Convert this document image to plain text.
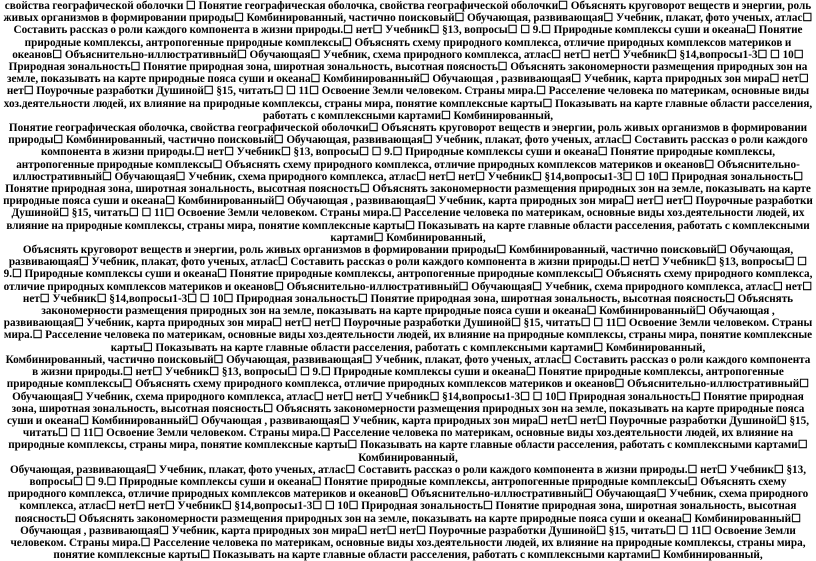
свойства географической оболочки ☐ Понятие географическая оболочка, свойства географической оболочки☐ Объяснять круговорот веществ и энергии, роль живых организмов в формировании природы☐ Комбинированный, частично поисковый☐ Обучающая, развивающая☐ Учебник, плакат, фото ученых, атлас☐ Составить рассказ о роли каждого компонента в жизни природы.☐ нет☐ Учебник☐ §13, вопросы☐ ☐ 9.☐ Природные комплексы суши и океана☐ Понятие природные комплексы, антропогенные природные комплексы☐ Объяснять схему природного комплекса, отличие природных комплексов материков и океанов☐ Объяснительно-иллюстративный☐ Обучающая☐ Учебник, схема природного комплекса, атлас☐ нет☐ нет☐ Учебник☐ §14,вопросы1-3☐ ☐ 10☐ Природная зональность☐ Понятие природная зона, широтная зональность, высотная поясность☐ Объяснять закономерности размещения природных зон на земле, показывать на карте природные пояса суши и океана☐ Комбинированный☐ Обучающая , развивающая☐ Учебник, карта природных зон мира☐ нет☐ нет☐ Поурочные разработки Душиной☐ §15, читать☐ ☐ 11☐ Освоение Земли человеком. Страны мира.☐ Расселение человека по материкам, основные виды хоз.деятельности людей, их влияние на природные комплексы, страны мира, понятие комплексные карты☐ Показывать на карте главные области расселения, работать с комплексными картами☐ Комбинированный,

Понятие географическая оболочка, свойства географической оболочки☐ Объяснять круговорот веществ и энергии, роль живых организмов в формировании природы☐ Комбинированный, частично поисковый☐ Обучающая, развивающая☐ Учебник, плакат, фото ученых, атлас☐ Составить рассказ о роли каждого компонента в жизни природы.☐ нет☐ Учебник☐ §13, вопросы☐ ☐ 9.☐ Природные комплексы суши и океана☐ Понятие природные комплексы, антропогенные природные комплексы☐ Объяснять схему природного комплекса, отличие природных комплексов материков и океанов☐ Объяснительно-иллюстративный☐ Обучающая☐ Учебник, схема природного комплекса, атлас☐ нет☐ нет☐ Учебник☐ §14,вопросы1-3☐ ☐ 10☐ Природная зональность☐ Понятие природная зона, широтная зональность, высотная поясность☐ Объяснять закономерности размещения природных зон на земле, показывать на карте природные пояса суши и океана☐ Комбинированный☐ Обучающая , развивающая☐ Учебник, карта природных зон мира☐ нет☐ нет☐ Поурочные разработки Душиной☐ §15, читать☐ ☐ 11☐ Освоение Земли человеком. Страны мира.☐ Расселение человека по материкам, основные виды хоз.деятельности людей, их влияние на природные комплексы, страны мира, понятие комплексные карты☐ Показывать на карте главные области расселения, работать с комплексными картами☐ Комбинированный,

Объяснять круговорот веществ и энергии, роль живых организмов в формировании природы☐ Комбинированный, частично поисковый☐ Обучающая, развивающая☐ Учебник, плакат, фото ученых, атлас☐ Составить рассказ о роли каждого компонента в жизни природы.☐ нет☐ Учебник☐ §13, вопросы☐ ☐ 9.☐ Природные комплексы суши и океана☐ Понятие природные комплексы, антропогенные природные комплексы☐ Объяснять схему природного комплекса, отличие природных комплексов материков и океанов☐ Объяснительно-иллюстративный☐ Обучающая☐ Учебник, схема природного комплекса, атлас☐ нет☐ нет☐ Учебник☐ §14,вопросы1-3☐ ☐ 10☐ Природная зональность☐ Понятие природная зона, широтная зональность, высотная поясность☐ Объяснять закономерности размещения природных зон на земле, показывать на карте природные пояса суши и океана☐ Комбинированный☐ Обучающая , развивающая☐ Учебник, карта природных зон мира☐ нет☐ нет☐ Поурочные разработки Душиной☐ §15, читать☐ ☐ 11☐ Освоение Земли человеком. Страны мира.☐ Расселение человека по материкам, основные виды хоз.деятельности людей, их влияние на природные комплексы, страны мира, понятие комплексные карты☐ Показывать на карте главные области расселения, работать с комплексными картами☐ Комбинированный,

Комбинированный, частично поисковый☐ Обучающая, развивающая☐ Учебник, плакат, фото ученых, атлас☐ Составить рассказ о роли каждого компонента в жизни природы.☐ нет☐ Учебник☐ §13, вопросы☐ ☐ 9.☐ Природные комплексы суши и океана☐ Понятие природные комплексы, антропогенные природные комплексы☐ Объяснять схему природного комплекса, отличие природных комплексов материков и океанов☐ Объяснительно-иллюстративный☐ Обучающая☐ Учебник, схема природного комплекса, атлас☐ нет☐ нет☐ Учебник☐ §14,вопросы1-3☐ ☐ 10☐ Природная зональность☐ Понятие природная зона, широтная зональность, высотная поясность☐ Объяснять закономерности размещения природных зон на земле, показывать на карте природные пояса суши и океана☐ Комбинированный☐ Обучающая , развивающая☐ Учебник, карта природных зон мира☐ нет☐ нет☐ Поурочные разработки Душиной☐ §15, читать☐ ☐ 11☐ Освоение Земли человеком. Страны мира.☐ Расселение человека по материкам, основные виды хоз.деятельности людей, их влияние на природные комплексы, страны мира, понятие комплексные карты☐ Показывать на карте главные области расселения, работать с комплексными картами☐ Комбинированный,

Обучающая, развивающая☐ Учебник, плакат, фото ученых, атлас☐ Составить рассказ о роли каждого компонента в жизни природы.☐ нет☐ Учебник☐ §13, вопросы☐ ☐ 9.☐ Природные комплексы суши и океана☐ Понятие природные комплексы, антропогенные природные комплексы☐ Объяснять схему природного комплекса, отличие природных комплексов материков и океанов☐ Объяснительно-иллюстративный☐ Обучающая☐ Учебник, схема природного комплекса, атлас☐ нет☐ нет☐ Учебник☐ §14,вопросы1-3☐ ☐ 10☐ Природная зональность☐ Понятие природная зона, широтная зональность, высотная поясность☐ Объяснять закономерности размещения природных зон на земле, показывать на карте природные пояса суши и океана☐ Комбинированный☐ Обучающая , развивающая☐ Учебник, карта природных зон мира☐ нет☐ нет☐ Поурочные разработки Душиной☐ §15, читать☐ ☐ 11☐ Освоение Земли человеком. Страны мира.☐ Расселение человека по материкам, основные виды хоз.деятельности людей, их влияние на природные комплексы, страны мира, понятие комплексные карты☐ Показывать на карте главные области расселения, работать с комплексными картами☐ Комбинированный,
